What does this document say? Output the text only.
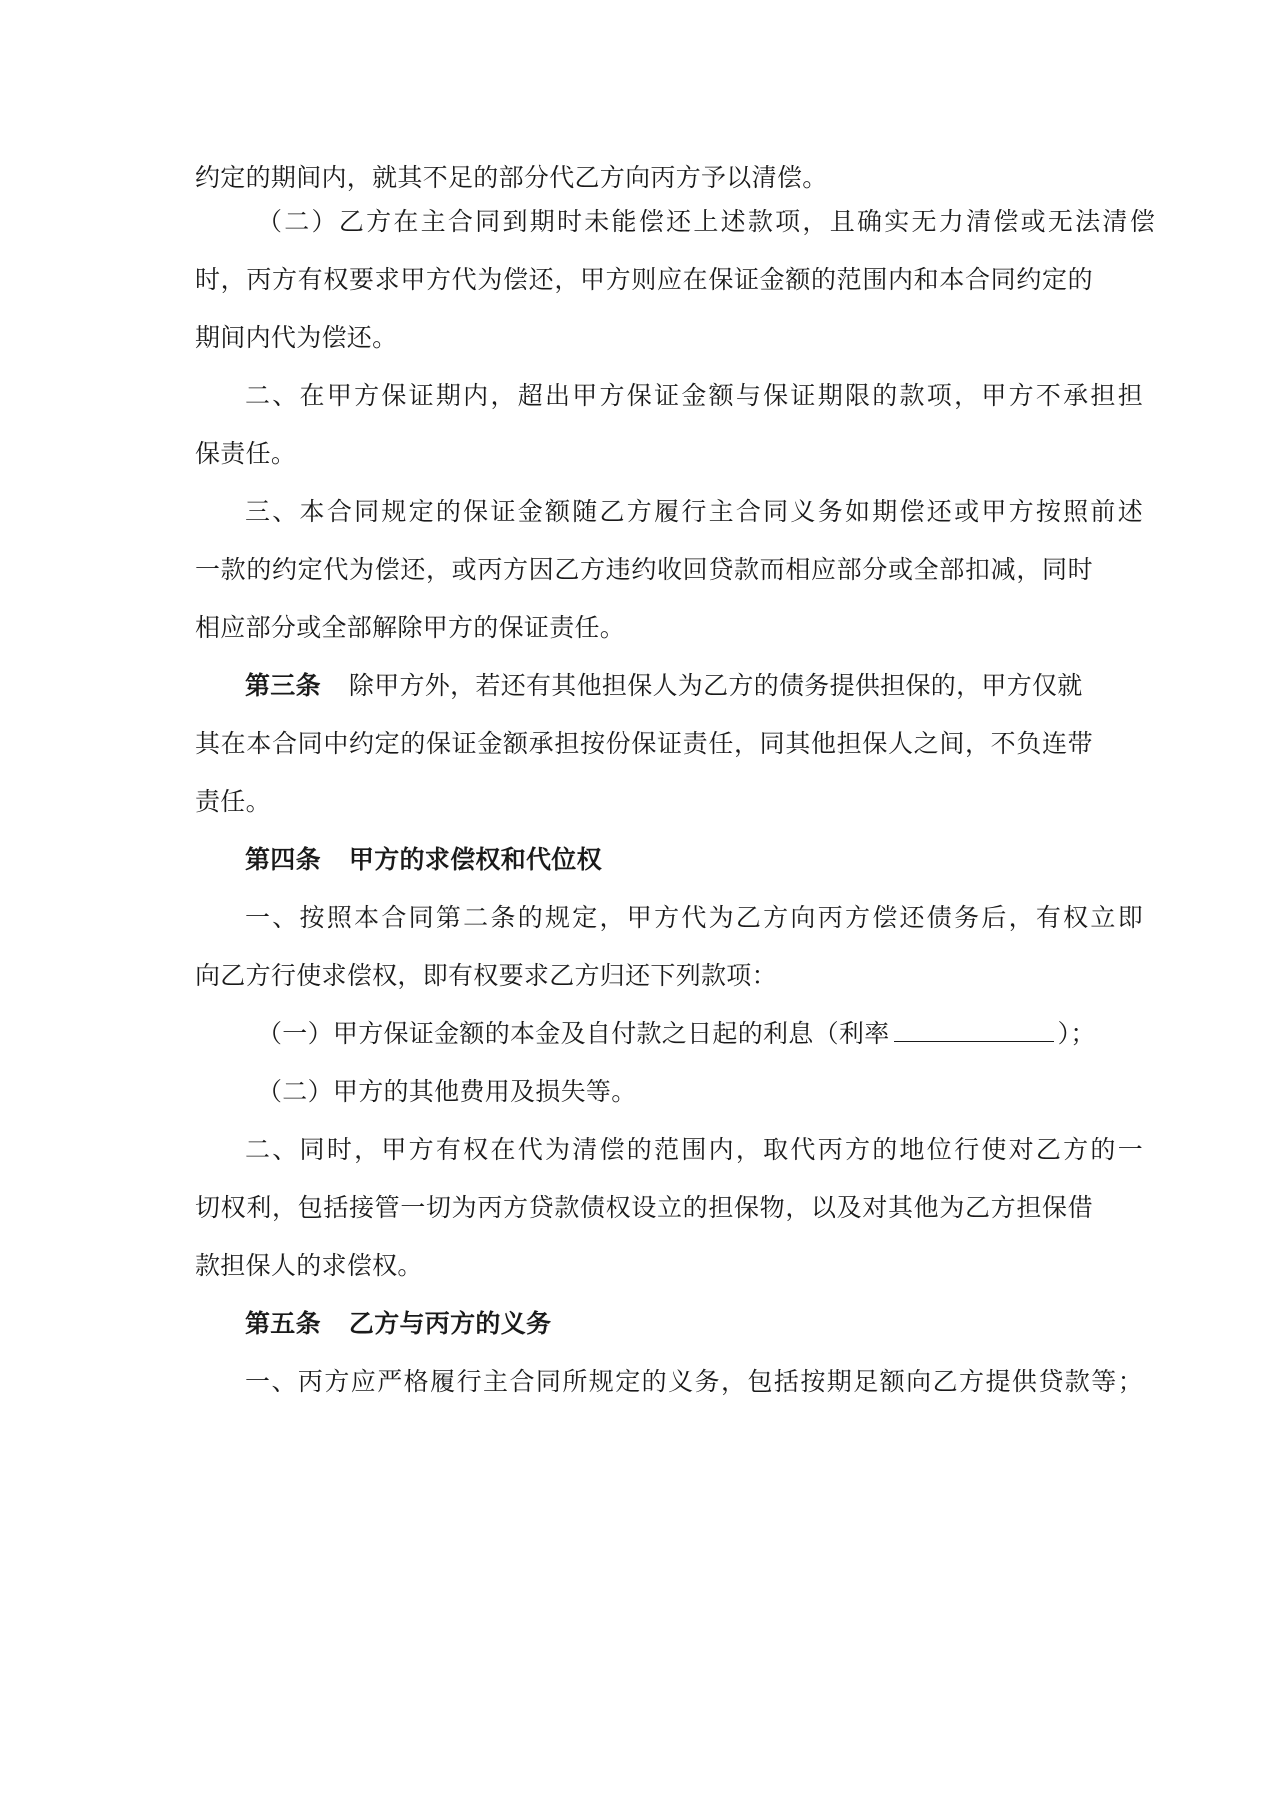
约定的期间内，就其不足的部分代乙方向丙方予以清偿。
（二）乙方在主合同到期时未能偿还上述款项，且确实无力清偿或无法清偿
时，丙方有权要求甲方代为偿还，甲方则应在保证金额的范围内和本合同约定的
期间内代为偿还。
二、在甲方保证期内，超出甲方保证金额与保证期限的款项，甲方不承担担
保责任。
三、本合同规定的保证金额随乙方履行主合同义务如期偿还或甲方按照前述
一款的约定代为偿还，或丙方因乙方违约收回贷款而相应部分或全部扣减，同时
相应部分或全部解除甲方的保证责任。
第三条 除甲方外，若还有其他担保人为乙方的债务提供担保的，甲方仅就
其在本合同中约定的保证金额承担按份保证责任，同其他担保人之间，不负连带
责任。
第四条 甲方的求偿权和代位权
一、按照本合同第二条的规定，甲方代为乙方向丙方偿还债务后，有权立即
向乙方行使求偿权，即有权要求乙方归还下列款项：
（一）甲方保证金额的本金及自付款之日起的利息（利率	）；
（二）甲方的其他费用及损失等。
二、同时，甲方有权在代为清偿的范围内，取代丙方的地位行使对乙方的一
切权利，包括接管一切为丙方贷款债权设立的担保物，以及对其他为乙方担保借
款担保人的求偿权。
第五条 乙方与丙方的义务
一、丙方应严格履行主合同所规定的义务，包括按期足额向乙方提供贷款等；
